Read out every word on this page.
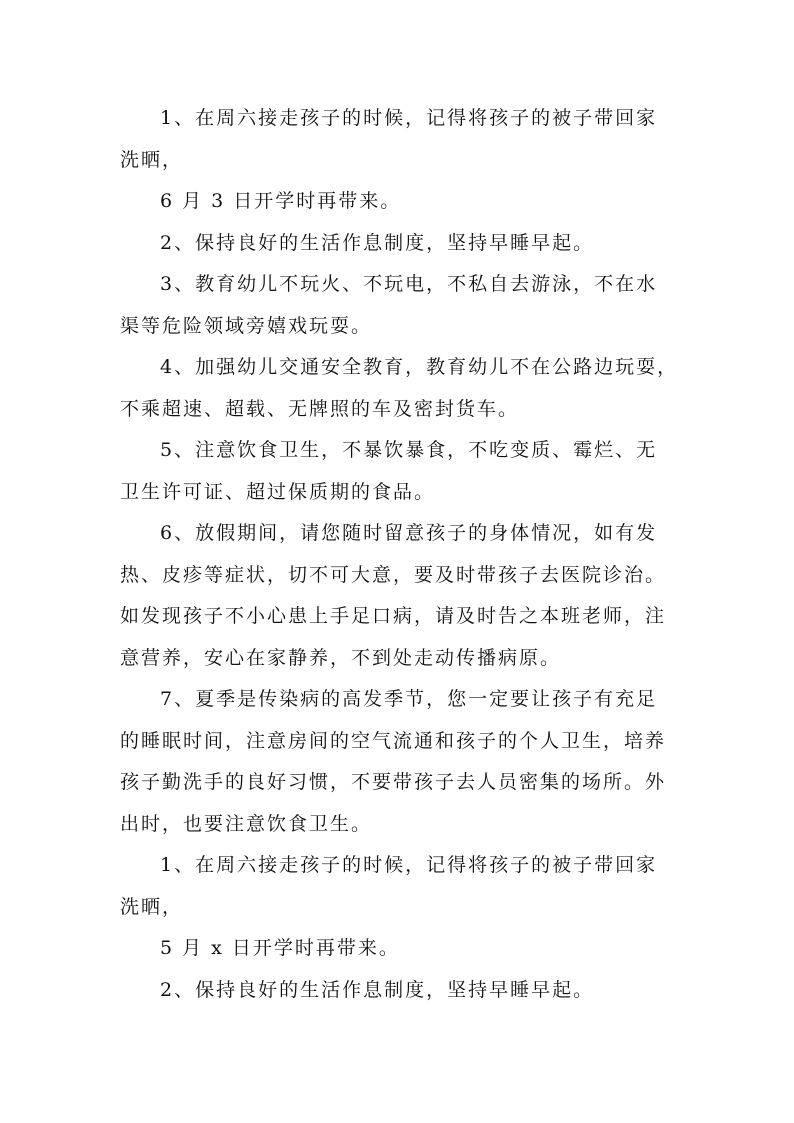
1、在周六接走孩子的时候，记得将孩子的被子带回家
洗晒，
6 月 3 日开学时再带来。
2、保持良好的生活作息制度，坚持早睡早起。
3、教育幼儿不玩火、不玩电，不私自去游泳，不在水
渠等危险领域旁嬉戏玩耍。
4、加强幼儿交通安全教育，教育幼儿不在公路边玩耍，
不乘超速、超载、无牌照的车及密封货车。
5、注意饮食卫生，不暴饮暴食，不吃变质、霉烂、无
卫生许可证、超过保质期的食品。
6、放假期间，请您随时留意孩子的身体情况，如有发
热、皮疹等症状，切不可大意，要及时带孩子去医院诊治。
如发现孩子不小心患上手足口病，请及时告之本班老师，注
意营养，安心在家静养，不到处走动传播病原。
7、夏季是传染病的高发季节，您一定要让孩子有充足
的睡眠时间，注意房间的空气流通和孩子的个人卫生，培养
孩子勤洗手的良好习惯，不要带孩子去人员密集的场所。外
出时，也要注意饮食卫生。
1、在周六接走孩子的时候，记得将孩子的被子带回家
洗晒，
5 月 x 日开学时再带来。
2、保持良好的生活作息制度，坚持早睡早起。
